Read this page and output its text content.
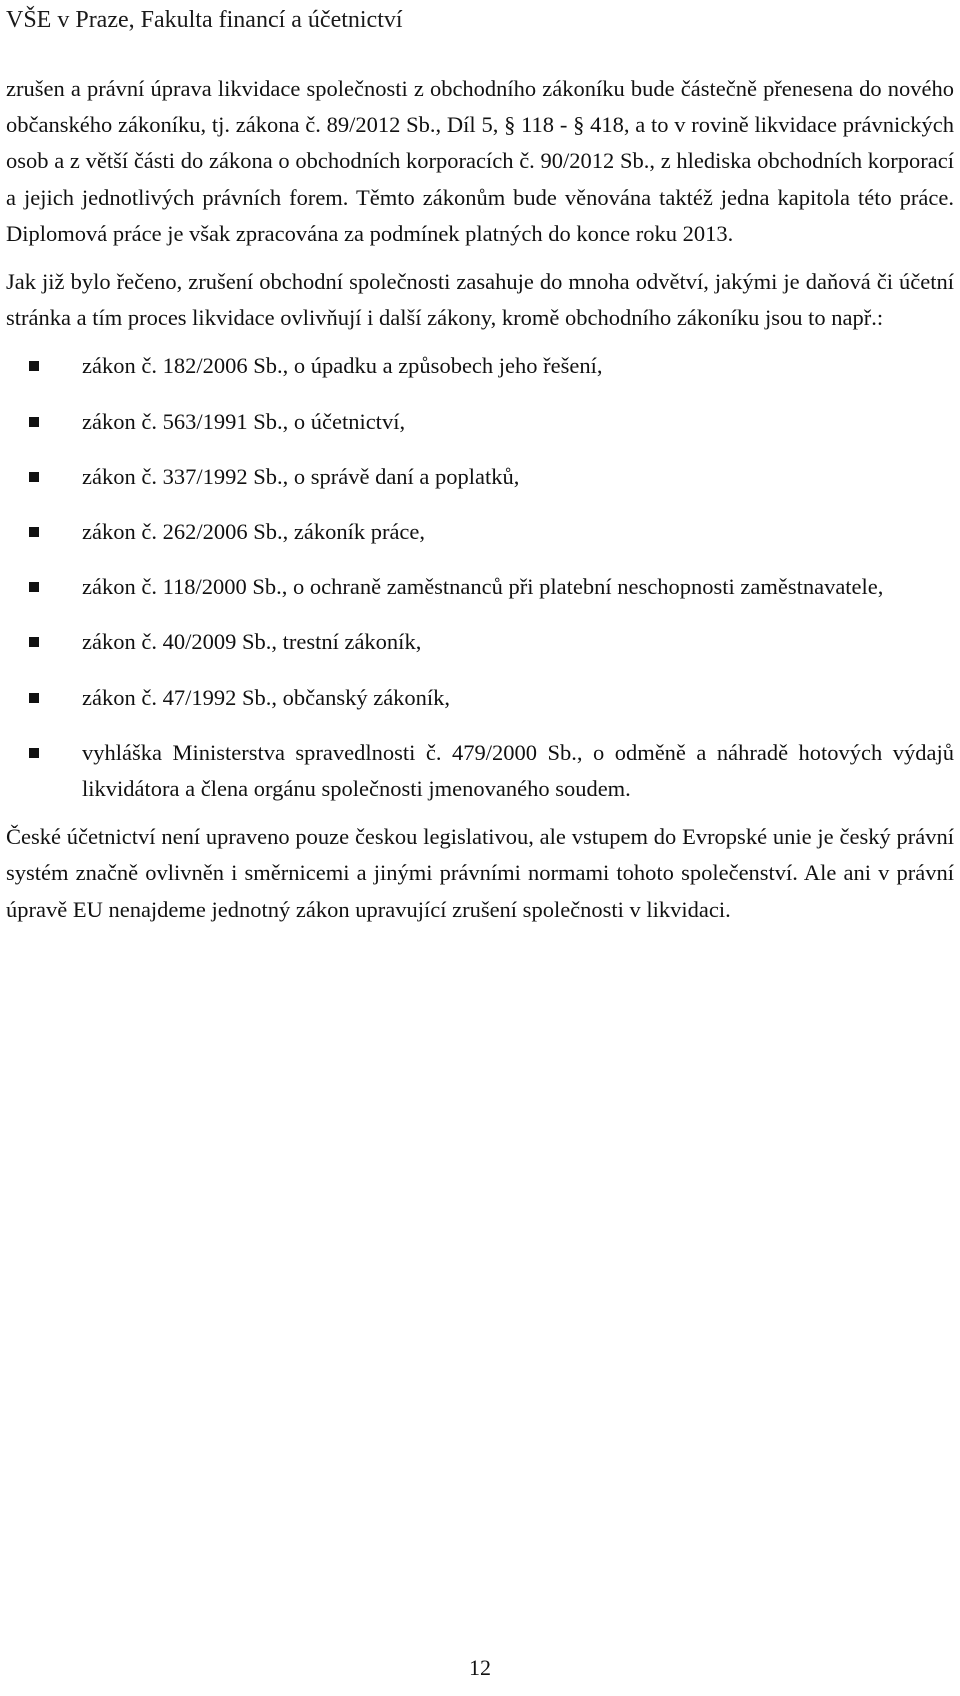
VŠE v Praze, Fakulta financí a účetnictví

zrušen a právní úprava likvidace společnosti z obchodního zákoníku bude částečně přenesena do nového občanského zákoníku, tj. zákona č. 89/2012 Sb., Díl 5, § 118 - § 418, a to v rovině likvidace právnických osob a z větší části do zákona o obchodních korporacích č. 90/2012 Sb., z hlediska obchodních korporací a jejich jednotlivých právních forem. Těmto zákonům bude věnována taktéž jedna kapitola této práce. Diplomová práce je však zpracována za podmínek platných do konce roku 2013.

Jak již bylo řečeno, zrušení obchodní společnosti zasahuje do mnoha odvětví, jakými je daňová či účetní stránka a tím proces likvidace ovlivňují i další zákony, kromě obchodního zákoníku jsou to např.:

zákon č. 182/2006 Sb., o úpadku a způsobech jeho řešení,
zákon č. 563/1991 Sb., o účetnictví,
zákon č. 337/1992 Sb., o správě daní a poplatků,
zákon č. 262/2006 Sb., zákoník práce,
zákon č. 118/2000 Sb., o ochraně zaměstnanců při platební neschopnosti zaměstnavatele,
zákon č. 40/2009 Sb., trestní zákoník,
zákon č. 47/1992 Sb., občanský zákoník,
vyhláška Ministerstva spravedlnosti č. 479/2000 Sb., o odměně a náhradě hotových výdajů likvidátora a člena orgánu společnosti jmenovaného soudem.

České účetnictví není upraveno pouze českou legislativou, ale vstupem do Evropské unie je český právní systém značně ovlivněn i směrnicemi a jinými právními normami tohoto společenství. Ale ani v právní úpravě EU nenajdeme jednotný zákon upravující zrušení společnosti v likvidaci.

12
